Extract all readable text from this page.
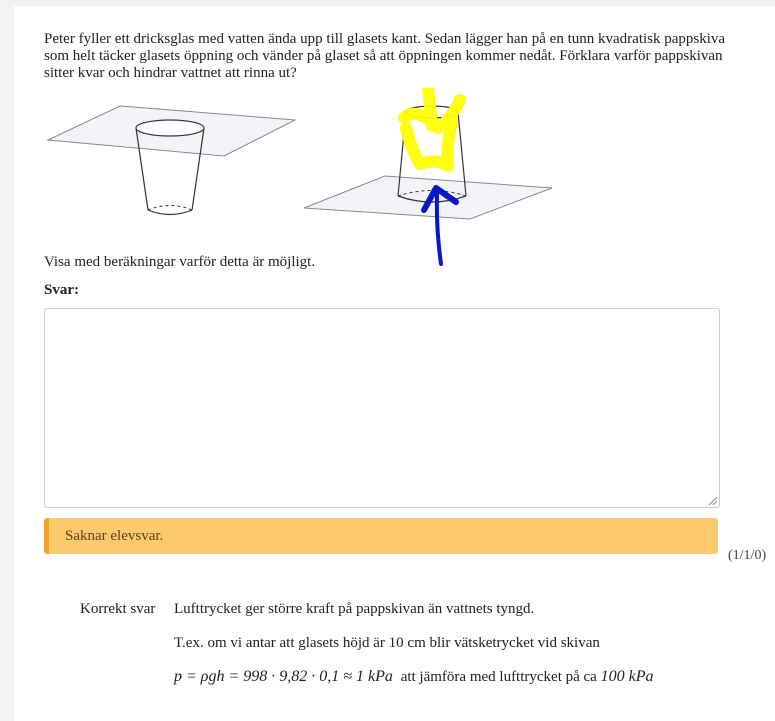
Peter fyller ett dricksglas med vatten ända upp till glasets kant. Sedan lägger han på en tunn kvadratisk pappskiva som helt täcker glasets öppning och vänder på glaset så att öppningen kommer nedåt. Förklara varför pappskivan sitter kvar och hindrar vattnet att rinna ut?

Visa med beräkningar varför detta är möjligt.
Svar:
Saknar elevsvar.
(1/1/0)
Korrekt svar Lufttrycket ger större kraft på pappskivan än vattnets tyngd.
T.ex. om vi antar att glasets höjd är 10 cm blir vätsketrycket vid skivan
p = ρgh = 998 · 9,82 · 0,1 ≈ 1 kPa att jämföra med lufttrycket på ca 100 kPa
